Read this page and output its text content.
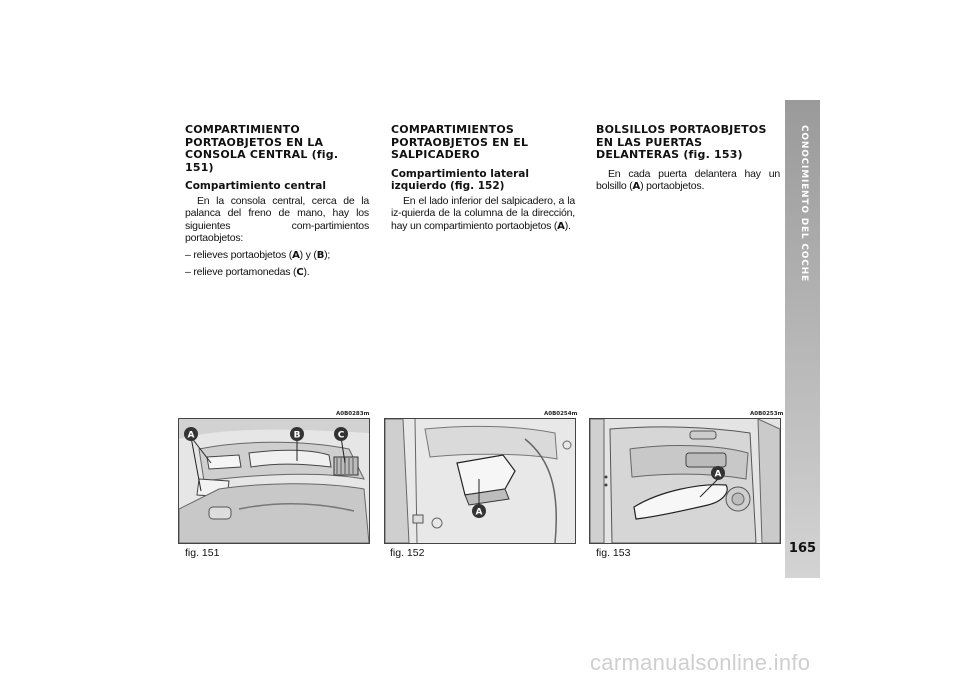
COMPARTIMIENTO PORTAOBJETOS EN LA CONSOLA CENTRAL (fig. 151)
Compartimiento central

En la consola central, cerca de la palanca del freno de mano, hay los siguientes com-partimientos portaobjetos:

– relieves portaobjetos (A) y (B);

– relieve portamonedas (C).

COMPARTIMIENTOS PORTAOBJETOS EN EL SALPICADERO
Compartimiento lateral izquierdo (fig. 152)

En el lado inferior del salpicadero, a la iz-quierda de la columna de la dirección, hay un compartimiento portaobjetos (A).

BOLSILLOS PORTAOBJETOS EN LAS PUERTAS DELANTERAS (fig. 153)

En cada puerta delantera hay un bolsillo (A) portaobjetos.

A0B0283m
A	B	C
fig. 151
A0B0254m
A
fig. 152
A0B0253m
A
fig. 153
CONOCIMIENTO DEL COCHE
165
carmanualsonline.info
